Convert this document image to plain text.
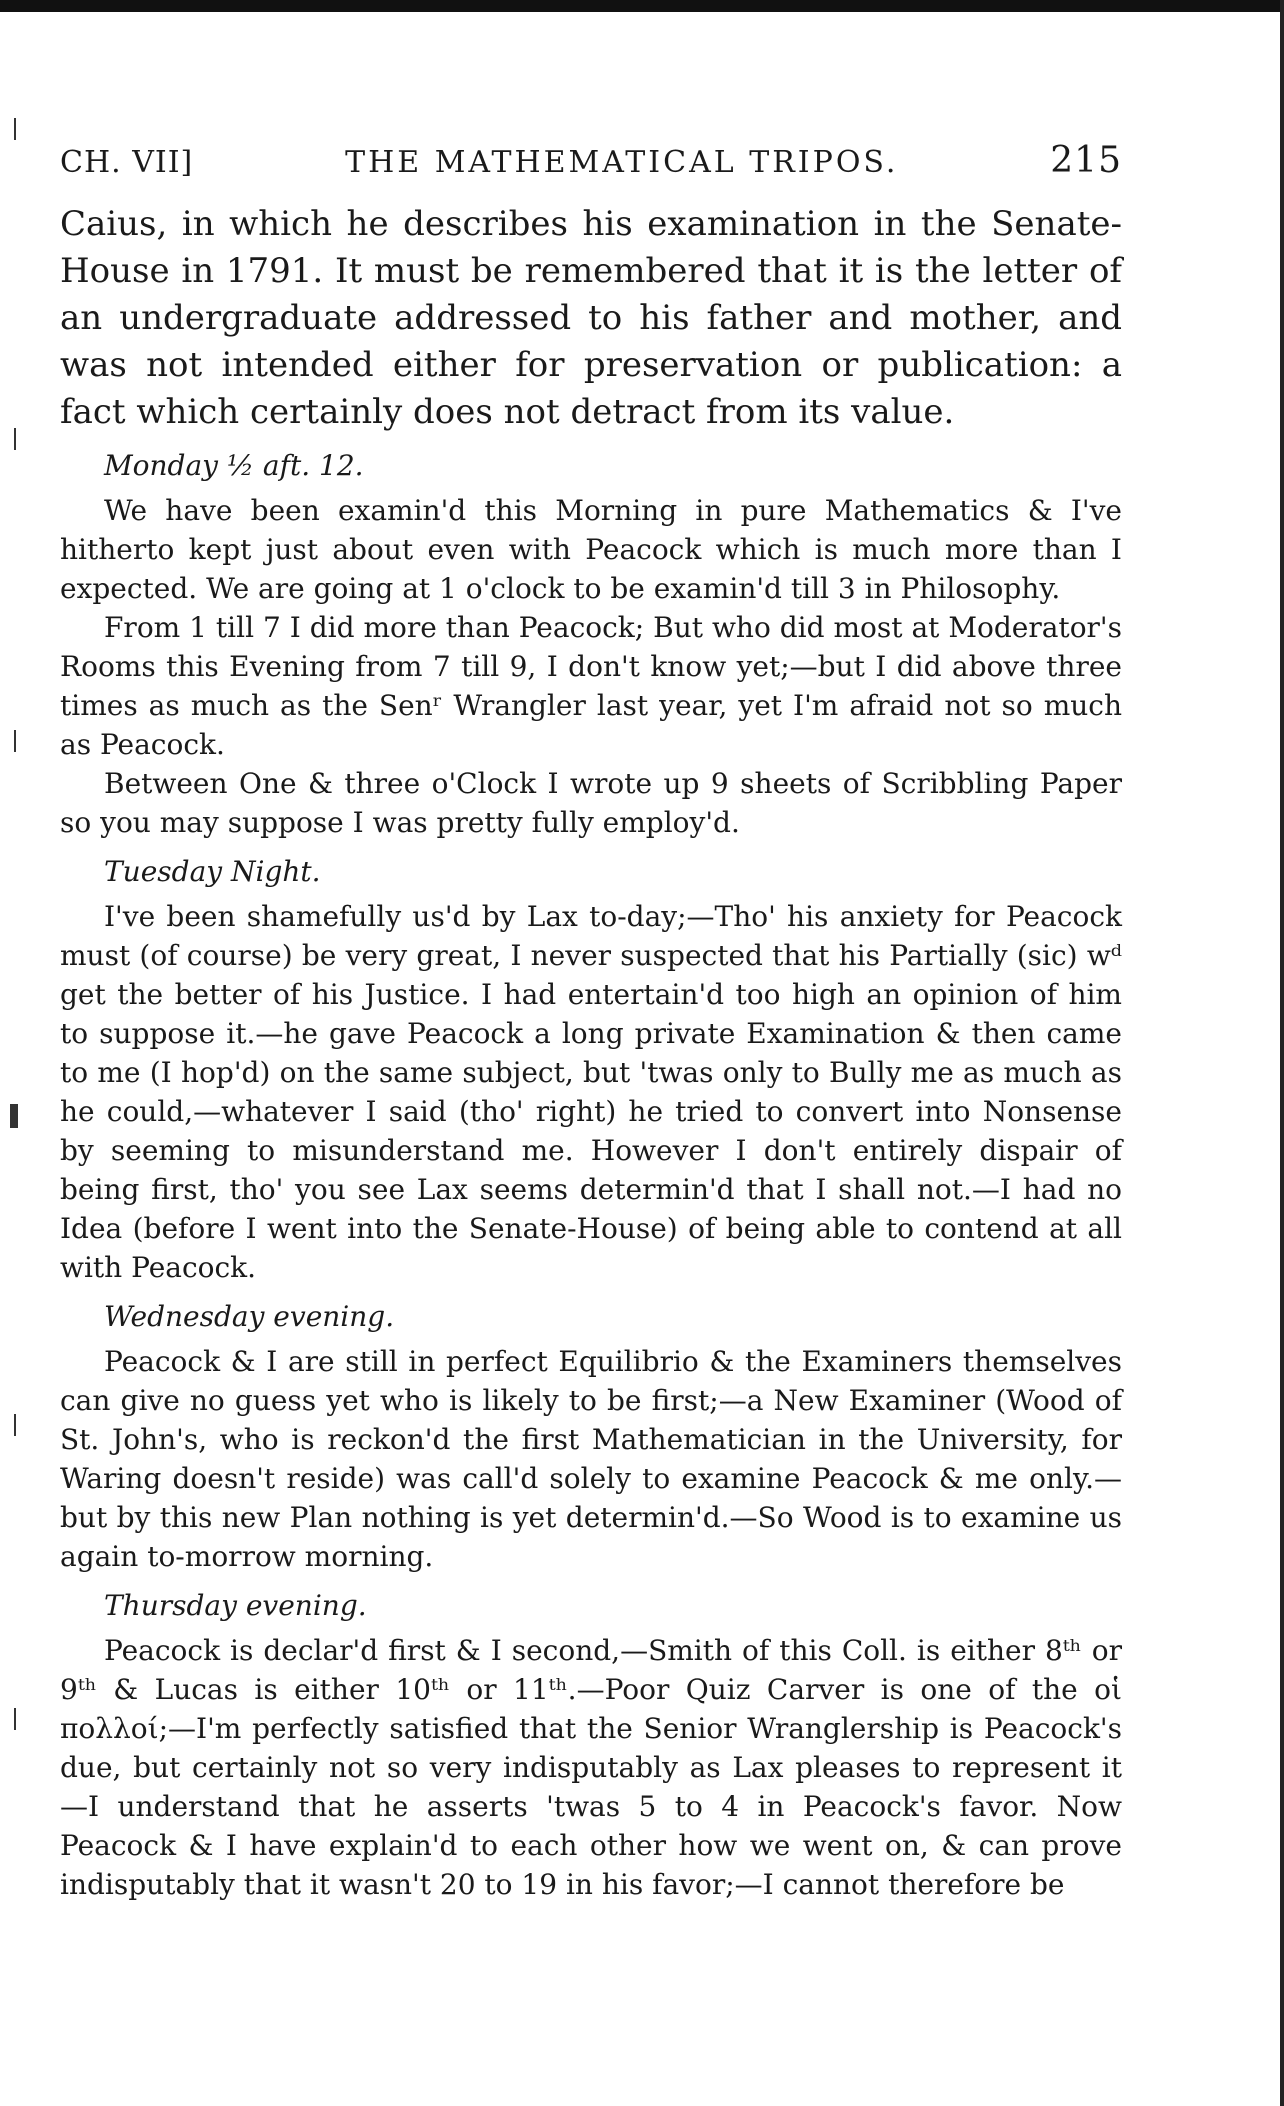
CH. VII]	THE MATHEMATICAL TRIPOS.	215

Caius, in which he describes his examination in the Senate-House in 1791. It must be remembered that it is the letter of an undergraduate addressed to his father and mother, and was not intended either for preservation or publication: a fact which certainly does not detract from its value.

Monday ½ aft. 12.

We have been examin'd this Morning in pure Mathematics & I've hitherto kept just about even with Peacock which is much more than I expected. We are going at 1 o'clock to be examin'd till 3 in Philosophy.

From 1 till 7 I did more than Peacock; But who did most at Moderator's Rooms this Evening from 7 till 9, I don't know yet;—but I did above three times as much as the Senʳ Wrangler last year, yet I'm afraid not so much as Peacock.

Between One & three o'Clock I wrote up 9 sheets of Scribbling Paper so you may suppose I was pretty fully employ'd.

Tuesday Night.

I've been shamefully us'd by Lax to-day;—Tho' his anxiety for Peacock must (of course) be very great, I never suspected that his Partially (sic) wᵈ get the better of his Justice. I had entertain'd too high an opinion of him to suppose it.—he gave Peacock a long private Examination & then came to me (I hop'd) on the same subject, but 'twas only to Bully me as much as he could,—whatever I said (tho' right) he tried to convert into Nonsense by seeming to misunderstand me. However I don't entirely dispair of being first, tho' you see Lax seems determin'd that I shall not.—I had no Idea (before I went into the Senate-House) of being able to contend at all with Peacock.

Wednesday evening.

Peacock & I are still in perfect Equilibrio & the Examiners themselves can give no guess yet who is likely to be first;—a New Examiner (Wood of St. John's, who is reckon'd the first Mathematician in the University, for Waring doesn't reside) was call'd solely to examine Peacock & me only.—but by this new Plan nothing is yet determin'd.—So Wood is to examine us again to-morrow morning.

Thursday evening.

Peacock is declar'd first & I second,—Smith of this Coll. is either 8ᵗʰ or 9ᵗʰ & Lucas is either 10ᵗʰ or 11ᵗʰ.—Poor Quiz Carver is one of the οἱ πολλοί;—I'm perfectly satisfied that the Senior Wranglership is Peacock's due, but certainly not so very indisputably as Lax pleases to represent it —I understand that he asserts 'twas 5 to 4 in Peacock's favor. Now Peacock & I have explain'd to each other how we went on, & can prove indisputably that it wasn't 20 to 19 in his favor;—I cannot therefore be
